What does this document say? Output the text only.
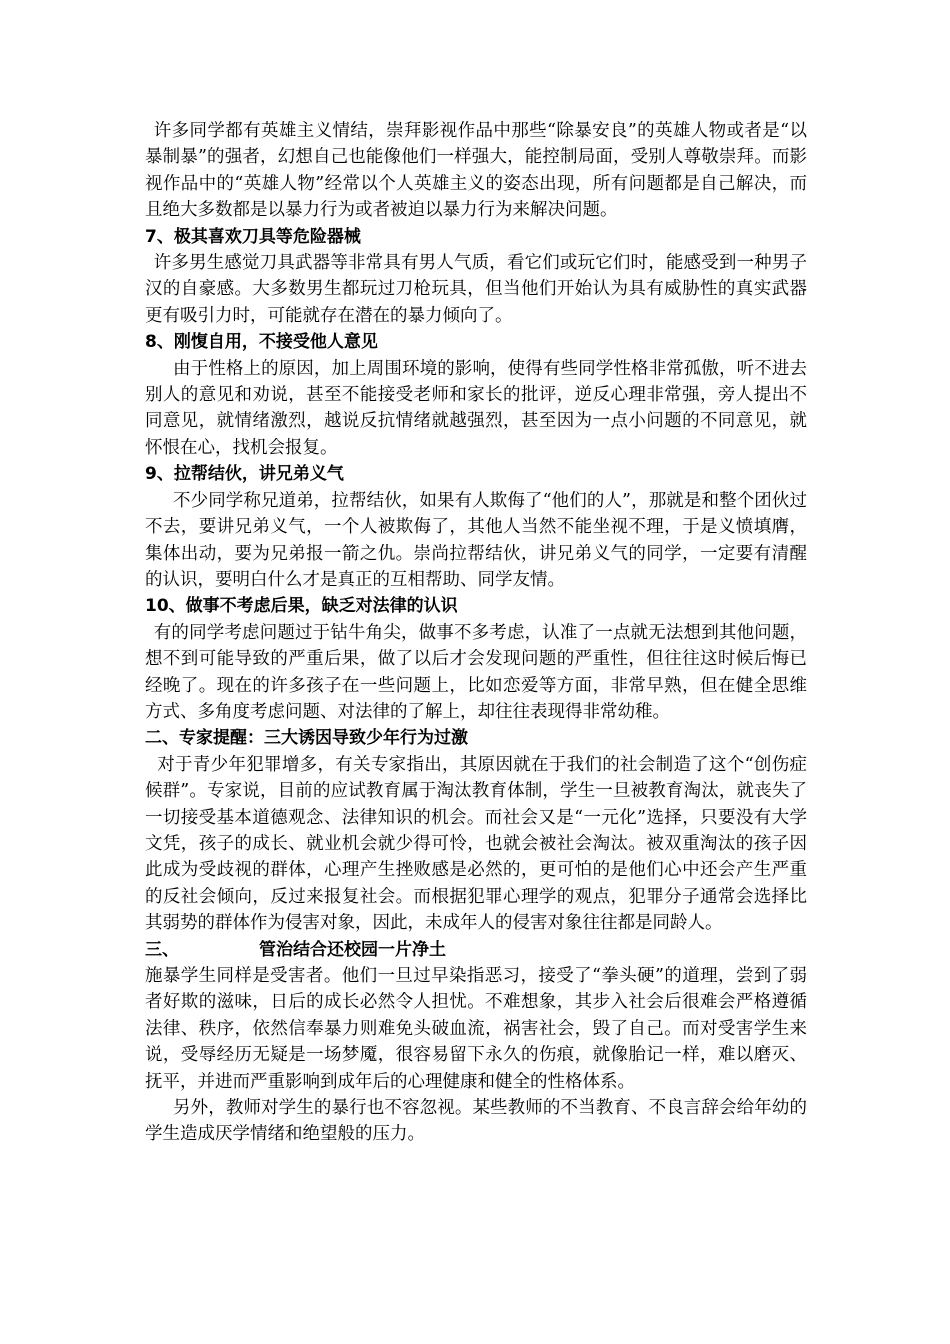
许多同学都有英雄主义情结，崇拜影视作品中那些“除暴安良”的英雄人物或者是“以暴制暴”的强者，幻想自己也能像他们一样强大，能控制局面，受别人尊敬崇拜。而影视作品中的“英雄人物”经常以个人英雄主义的姿态出现，所有问题都是自己解决，而且绝大多数都是以暴力行为或者被迫以暴力行为来解决问题。

7、极其喜欢刀具等危险器械

许多男生感觉刀具武器等非常具有男人气质，看它们或玩它们时，能感受到一种男子汉的自豪感。大多数男生都玩过刀枪玩具，但当他们开始认为具有威胁性的真实武器更有吸引力时，可能就存在潜在的暴力倾向了。

8、刚愎自用，不接受他人意见

由于性格上的原因，加上周围环境的影响，使得有些同学性格非常孤傲，听不进去别人的意见和劝说，甚至不能接受老师和家长的批评，逆反心理非常强，旁人提出不同意见，就情绪激烈，越说反抗情绪就越强烈，甚至因为一点小问题的不同意见，就怀恨在心，找机会报复。

9、拉帮结伙，讲兄弟义气

不少同学称兄道弟，拉帮结伙，如果有人欺侮了“他们的人”，那就是和整个团伙过不去，要讲兄弟义气，一个人被欺侮了，其他人当然不能坐视不理，于是义愤填膺，集体出动，要为兄弟报一箭之仇。崇尚拉帮结伙，讲兄弟义气的同学，一定要有清醒的认识，要明白什么才是真正的互相帮助、同学友情。

10、做事不考虑后果，缺乏对法律的认识

有的同学考虑问题过于钻牛角尖，做事不多考虑，认准了一点就无法想到其他问题，想不到可能导致的严重后果，做了以后才会发现问题的严重性，但往往这时候后悔已经晚了。现在的许多孩子在一些问题上，比如恋爱等方面，非常早熟，但在健全思维方式、多角度考虑问题、对法律的了解上，却往往表现得非常幼稚。

二、专家提醒：三大诱因导致少年行为过激

对于青少年犯罪增多，有关专家指出，其原因就在于我们的社会制造了这个“创伤症候群”。专家说，目前的应试教育属于淘汰教育体制，学生一旦被教育淘汰，就丧失了一切接受基本道德观念、法律知识的机会。而社会又是“一元化”选择，只要没有大学文凭，孩子的成长、就业机会就少得可怜，也就会被社会淘汰。被双重淘汰的孩子因此成为受歧视的群体，心理产生挫败感是必然的，更可怕的是他们心中还会产生严重的反社会倾向，反过来报复社会。而根据犯罪心理学的观点，犯罪分子通常会选择比其弱势的群体作为侵害对象，因此，未成年人的侵害对象往往都是同龄人。

三、	管治结合还校园一片净土

施暴学生同样是受害者。他们一旦过早染指恶习，接受了“拳头硬”的道理，尝到了弱者好欺的滋味，日后的成长必然令人担忧。不难想象，其步入社会后很难会严格遵循法律、秩序，依然信奉暴力则难免头破血流，祸害社会，毁了自己。而对受害学生来说，受辱经历无疑是一场梦魇，很容易留下永久的伤痕，就像胎记一样，难以磨灭、抚平，并进而严重影响到成年后的心理健康和健全的性格体系。

另外，教师对学生的暴行也不容忽视。某些教师的不当教育、不良言辞会给年幼的学生造成厌学情绪和绝望般的压力。
